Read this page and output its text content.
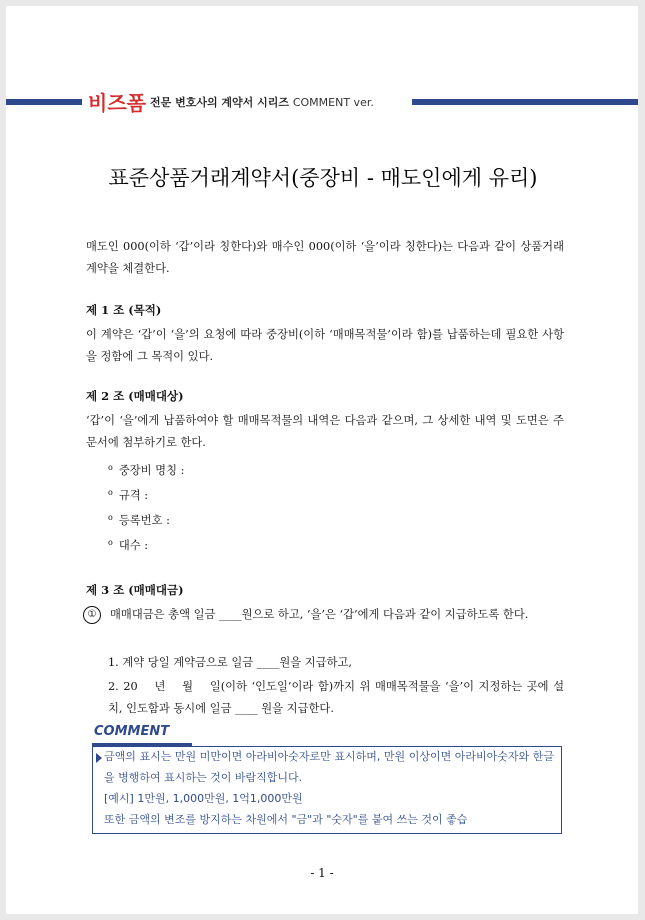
비즈폼 전문 변호사의 계약서 시리즈 COMMENT ver.
표준상품거래계약서(중장비 - 매도인에게 유리)
매도인 000(이하 ‘갑’이라 칭한다)와 매수인 000(이하 ‘을’이라 칭한다)는 다음과 같이 상품거래계약을 체결한다.
제 1 조 (목적)
이 계약은 ‘갑’이 ‘을’의 요청에 따라 중장비(이하 ‘매매목적물’이라 함)를 납품하는데 필요한 사항을 정함에 그 목적이 있다.
제 2 조 (매매대상)
‘갑’이 ‘을’에게 납품하여야 할 매매목적물의 내역은 다음과 같으며, 그 상세한 내역 및 도면은 주문서에 첨부하기로 한다.
$^o$ 중장비 명칭 :
$^o$ 규격 :
$^o$ 등록번호 :
$^o$ 대수 :
제 3 조 (매매대금)
매매대금은 총액 일금 ____원으로 하고, ‘을’은 ‘갑’에게 다음과 같이 지급하도록 한다.
1. 계약 당일 계약금으로 일금 ____원을 지급하고,
2. 20 　년 　월 　일(이하 ‘인도일’이라 함)까지 위 매매목적물을 ‘을’이 지정하는 곳에 설치, 인도함과 동시에 일금 ____ 원을 지급한다.
COMMENT
금액의 표시는 만원 미만이면 아라비아숫자로만 표시하며, 만원 이상이면 아라비아숫자와 한글을 병행하여 표시하는 것이 바람직합니다.
[예시] 1만원, 1,000만원, 1억1,000만원
또한 금액의 변조를 방지하는 차원에서 "금"과 "숫자"를 붙여 쓰는 것이 좋습
- 1 -
①
